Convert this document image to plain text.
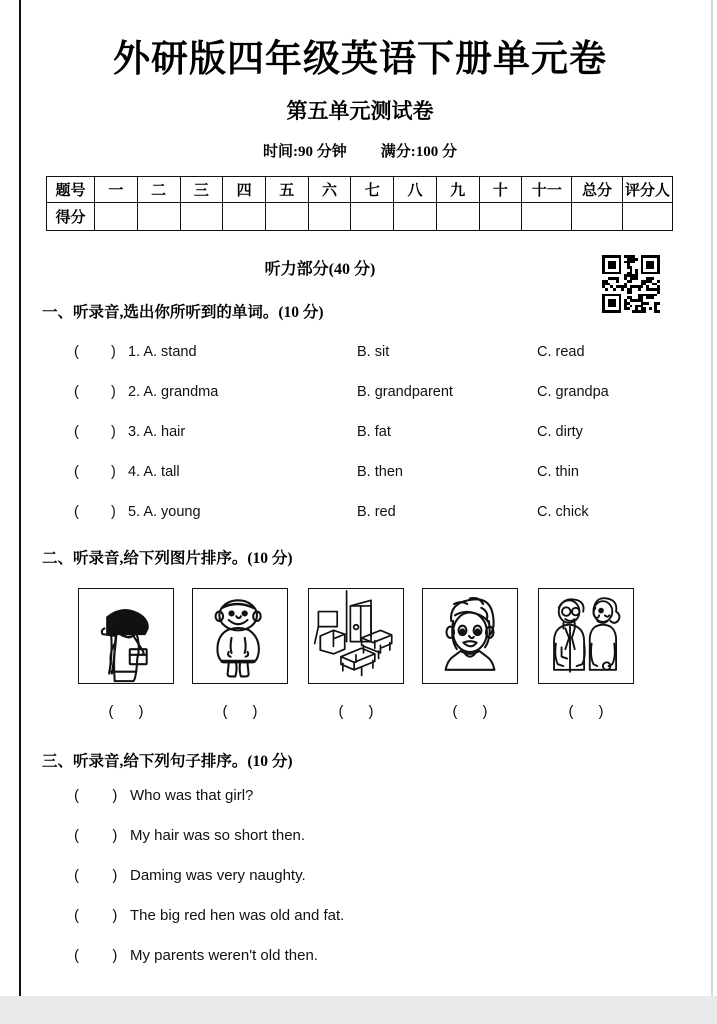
外研版四年级英语下册单元卷
第五单元测试卷
时间:90 分钟 满分:100 分
题号	一	二	三	四	五	六	七	八	九	十	十一	总分	评分人
得分													
听力部分(40 分)
一、听录音,选出你所听到的单词。(10 分)
(        ) 1. A. stand	B. sit	C. read
(        ) 2. A. grandma	B. grandparent	C. grandpa
(        ) 3. A. hair	B. fat	C. dirty
(        ) 4. A. tall	B. then	C. thin
(        ) 5. A. young	B. red	C. chick
二、听录音,给下列图片排序。(10 分)
(      )	(      )	(      )	(      )	(      )
三、听录音,给下列句子排序。(10 分)
(        ) Who was that girl?
(        ) My hair was so short then.
(        ) Daming was very naughty.
(        ) The big red hen was old and fat.
(        ) My parents weren't old then.
